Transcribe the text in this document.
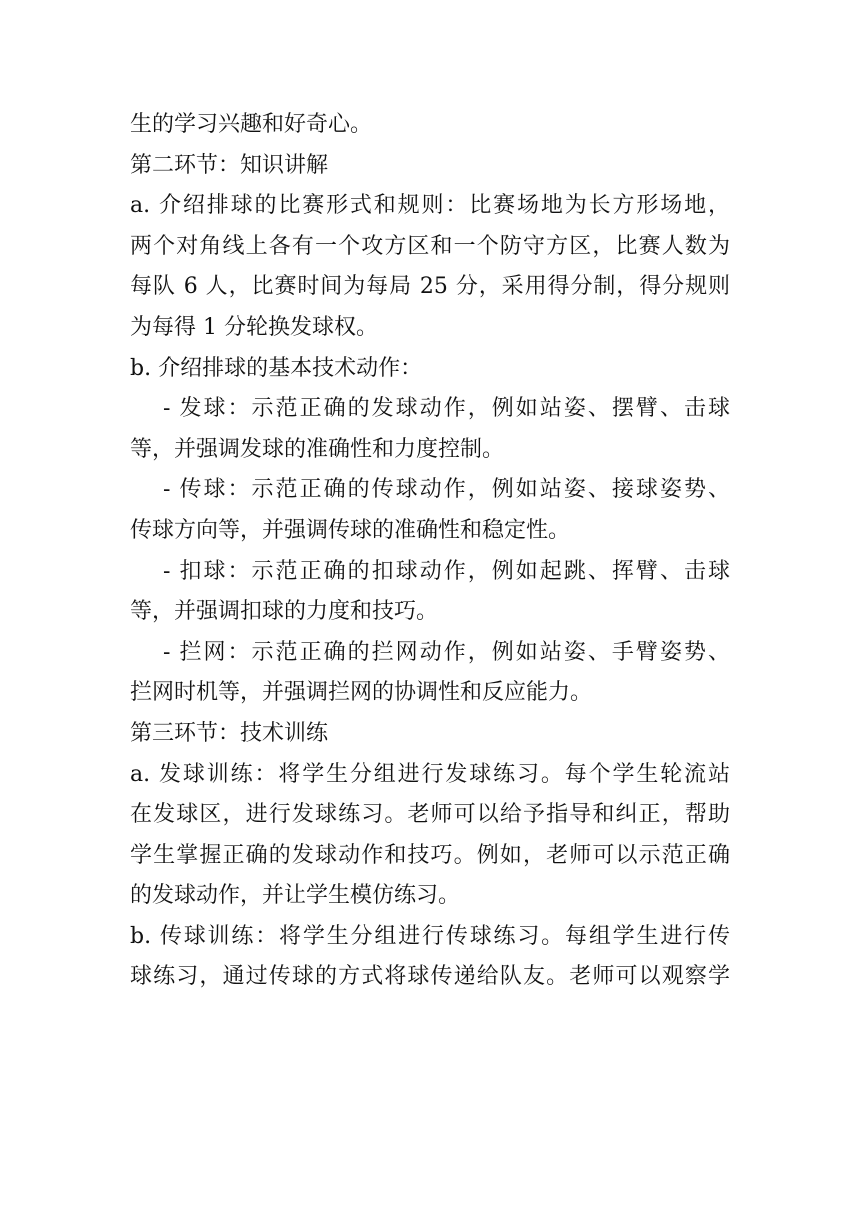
生的学习兴趣和好奇心。
第二环节：知识讲解
a. 介绍排球的比赛形式和规则：比赛场地为长方形场地，
两个对角线上各有一个攻方区和一个防守方区，比赛人数为
每队 6 人，比赛时间为每局 25 分，采用得分制，得分规则
为每得 1 分轮换发球权。
b. 介绍排球的基本技术动作：
- 发球：示范正确的发球动作，例如站姿、摆臂、击球
等，并强调发球的准确性和力度控制。
- 传球：示范正确的传球动作，例如站姿、接球姿势、
传球方向等，并强调传球的准确性和稳定性。
- 扣球：示范正确的扣球动作，例如起跳、挥臂、击球
等，并强调扣球的力度和技巧。
- 拦网：示范正确的拦网动作，例如站姿、手臂姿势、
拦网时机等，并强调拦网的协调性和反应能力。
第三环节：技术训练
a. 发球训练：将学生分组进行发球练习。每个学生轮流站
在发球区，进行发球练习。老师可以给予指导和纠正，帮助
学生掌握正确的发球动作和技巧。例如，老师可以示范正确
的发球动作，并让学生模仿练习。
b. 传球训练：将学生分组进行传球练习。每组学生进行传
球练习，通过传球的方式将球传递给队友。老师可以观察学
